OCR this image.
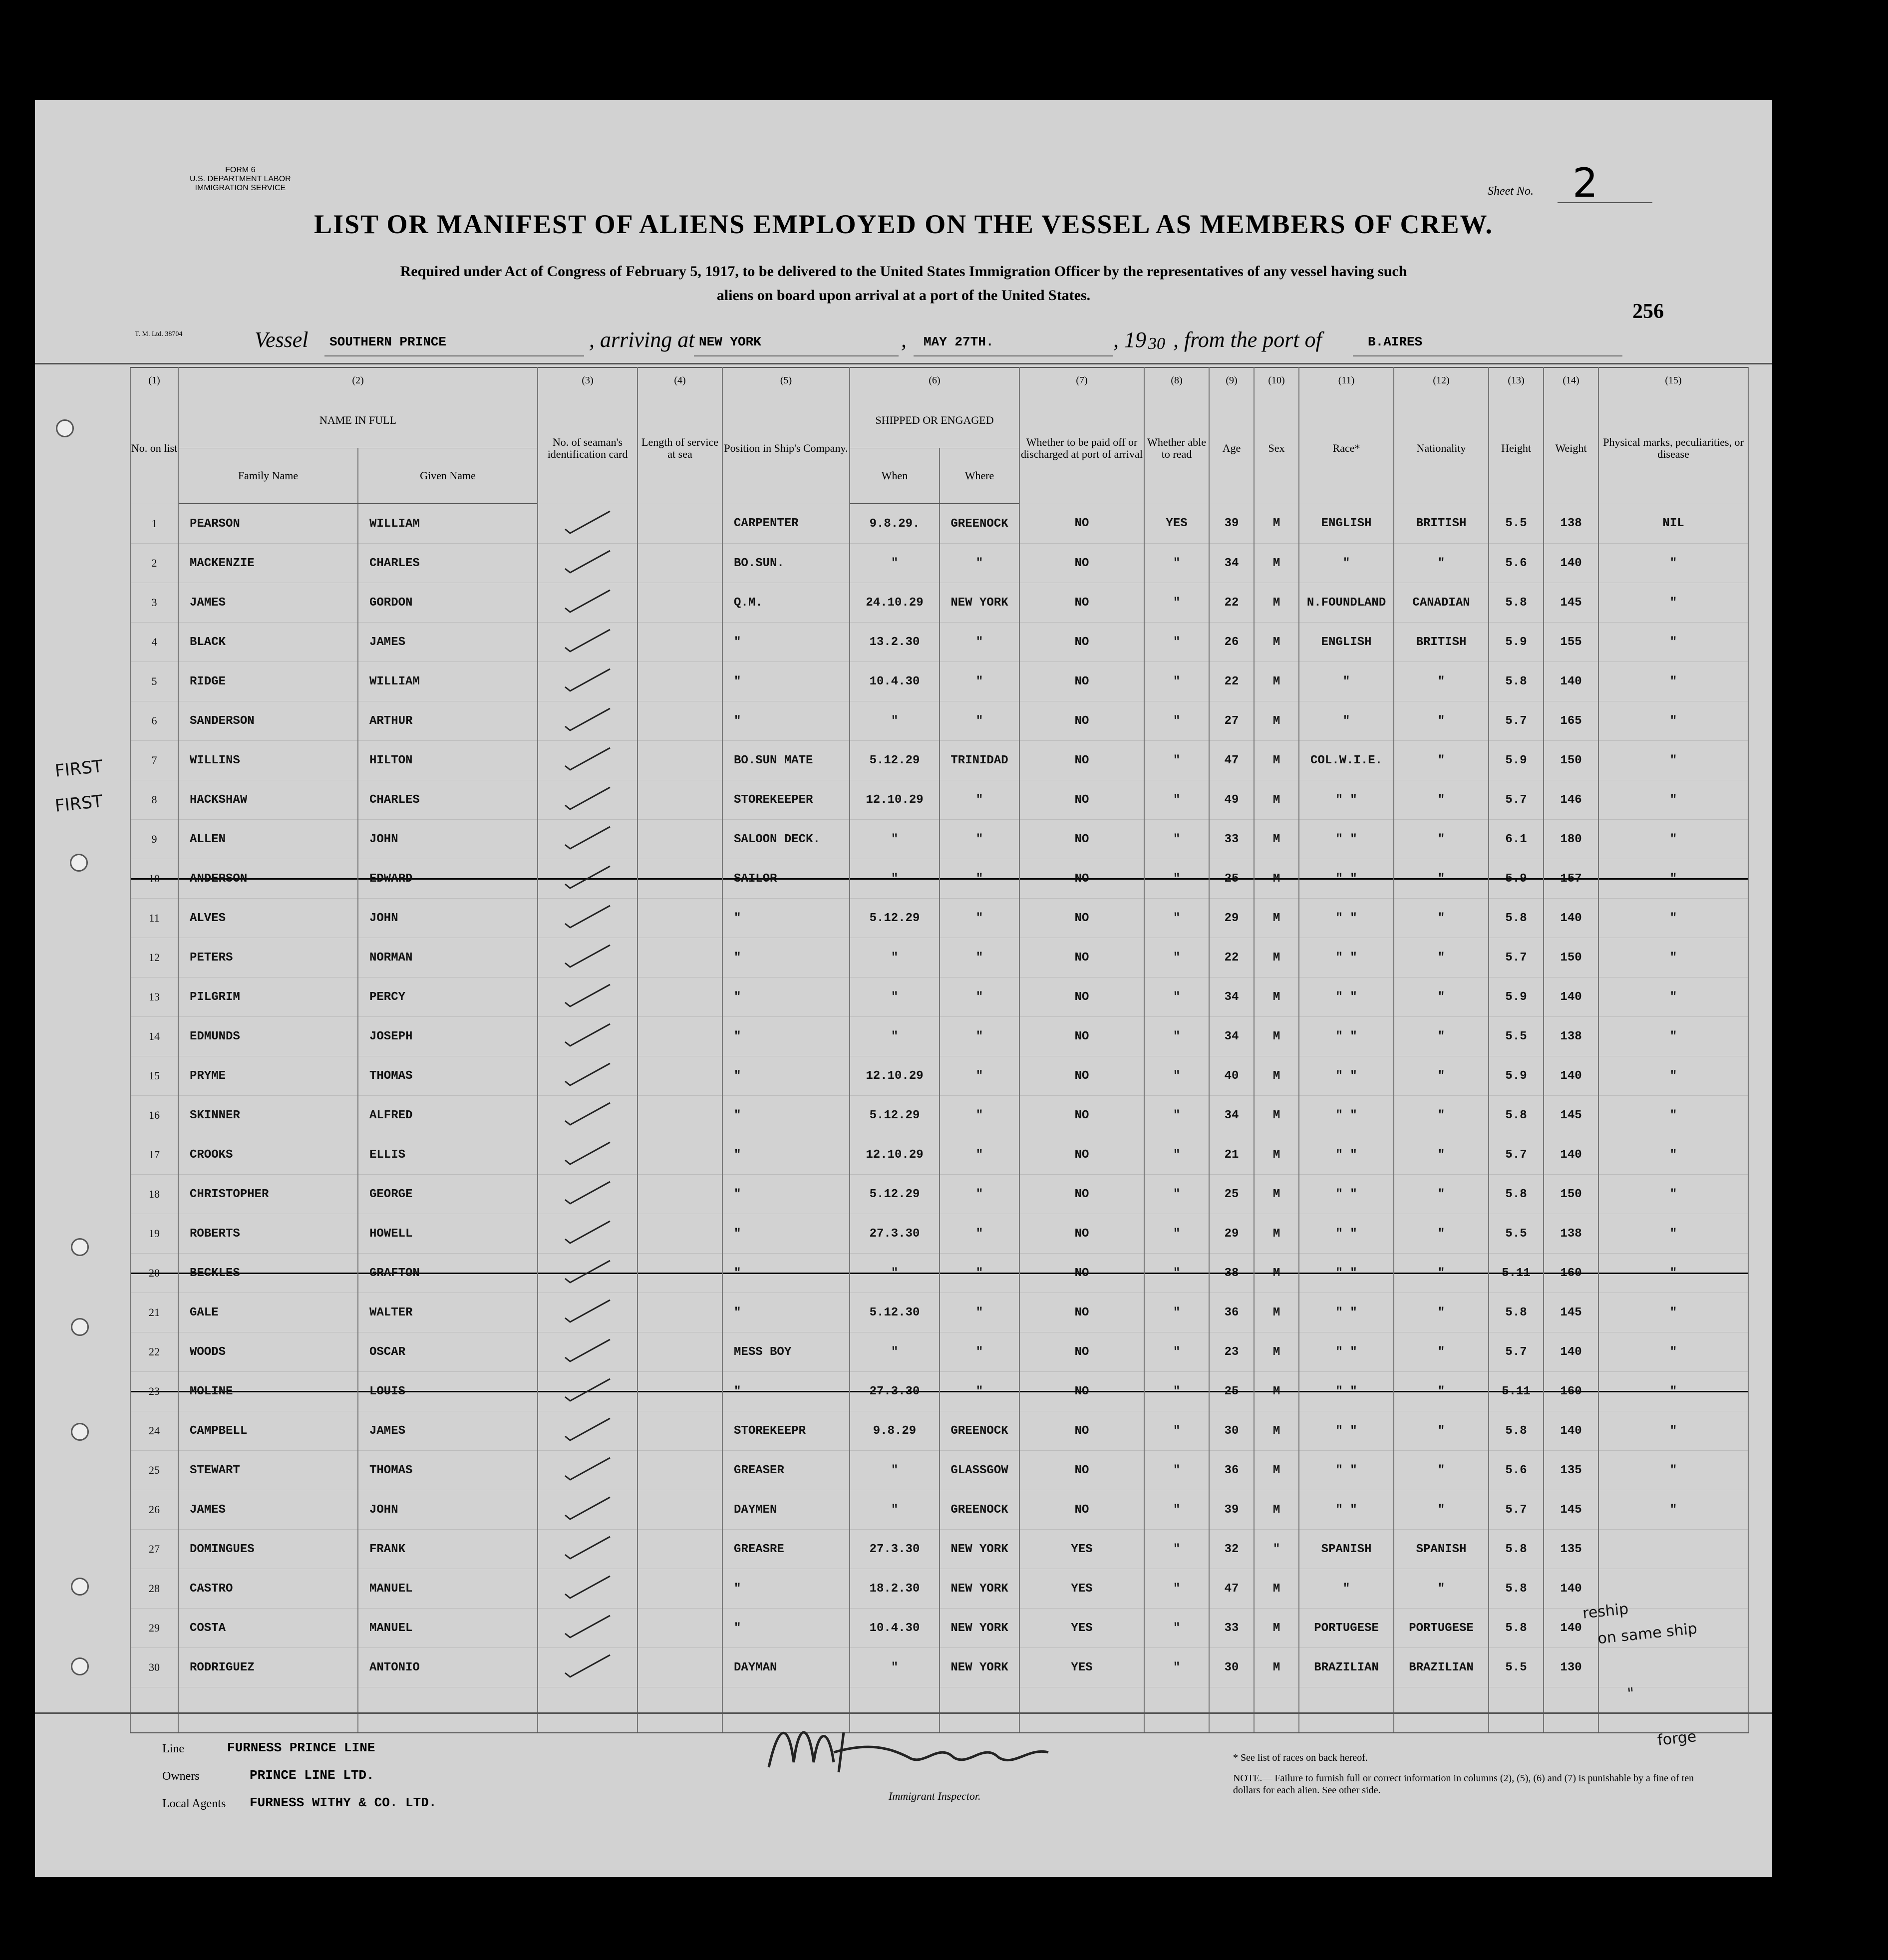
FORM 6
U.S. DEPARTMENT LABOR
IMMIGRATION SERVICE	Sheet No. 2
LIST OR MANIFEST OF ALIENS EMPLOYED ON THE VESSEL AS MEMBERS OF CREW.
Required under Act of Congress of February 5, 1917, to be delivered to the United States Immigration Officer by the representatives of any vessel having such
aliens on board upon arrival at a port of the United States.
256
T. M. Ltd. 38704	Vessel SOUTHERN PRINCE	, arriving at NEW YORK	, MAY 27TH.	, 19 30 , from the port of	B.AIRES
(1)	(2)		(3)	(4)	(5)	(6)		(7)	(8)	(9)	(10)	(11)	(12)	(13)	(14)	(15)
No. on list	NAME IN FULL		No. of seaman's identification card	Length of service at sea	Position in Ship's Company.	SHIPPED OR ENGAGED		Whether to be paid off or discharged at port of arrival	Whether able to read	Age	Sex	Race*	Nationality	Height	Weight	Physical marks, peculiarities, or disease
	Family Name	Given Name				When	Where									
1	PEARSON	WILLIAM			CARPENTER	9.8.29.	GREENOCK	NO	YES	39	M	ENGLISH	BRITISH	5.5	138	NIL
2	MACKENZIE	CHARLES			BO.SUN.	"	"	NO	"	34	M	"	"	5.6	140	"
3	JAMES	GORDON			Q.M.	24.10.29	NEW YORK	NO	"	22	M	N.FOUNDLAND	CANADIAN	5.8	145	"
4	BLACK	JAMES			"	13.2.30	"	NO	"	26	M	ENGLISH	BRITISH	5.9	155	"
5	RIDGE	WILLIAM			"	10.4.30	"	NO	"	22	M	"	"	5.8	140	"
6	SANDERSON	ARTHUR			"	"	"	NO	"	27	M	"	"	5.7	165	"
7	WILLINS	HILTON			BO.SUN MATE	5.12.29	TRINIDAD	NO	"	47	M	COL.W.I.E.	"	5.9	150	"
8	HACKSHAW	CHARLES			STOREKEEPER	12.10.29	"	NO	"	49	M	" "	"	5.7	146	"
9	ALLEN	JOHN			SALOON DECK.	"	"	NO	"	33	M	" "	"	6.1	180	"
10	ANDERSON	EDWARD			SAILOR	"	"	NO	"	25	M	" "	"	5.9	157	"
11	ALVES	JOHN			"	5.12.29	"	NO	"	29	M	" "	"	5.8	140	"
12	PETERS	NORMAN			"	"	"	NO	"	22	M	" "	"	5.7	150	"
13	PILGRIM	PERCY			"	"	"	NO	"	34	M	" "	"	5.9	140	"
14	EDMUNDS	JOSEPH			"	"	"	NO	"	34	M	" "	"	5.5	138	"
15	PRYME	THOMAS			"	12.10.29	"	NO	"	40	M	" "	"	5.9	140	"
16	SKINNER	ALFRED			"	5.12.29	"	NO	"	34	M	" "	"	5.8	145	"
17	CROOKS	ELLIS			"	12.10.29	"	NO	"	21	M	" "	"	5.7	140	"
18	CHRISTOPHER	GEORGE			"	5.12.29	"	NO	"	25	M	" "	"	5.8	150	"
19	ROBERTS	HOWELL			"	27.3.30	"	NO	"	29	M	" "	"	5.5	138	"
20	BECKLES	GRAFTON			"	"	"	NO	"	38	M	" "	"	5.11	160	"
21	GALE	WALTER			"	5.12.30	"	NO	"	36	M	" "	"	5.8	145	"
22	WOODS	OSCAR			MESS BOY	"	"	NO	"	23	M	" "	"	5.7	140	"
23	MOLINE	LOUIS			"	27.3.30	"	NO	"	25	M	" "	"	5.11	160	"
24	CAMPBELL	JAMES			STOREKEEPR	9.8.29	GREENOCK	NO	"	30	M	" "	"	5.8	140	"
25	STEWART	THOMAS			GREASER	"	GLASSGOW	NO	"	36	M	" "	"	5.6	135	"
26	JAMES	JOHN			DAYMEN	"	GREENOCK	NO	"	39	M	" "	"	5.7	145	"
27	DOMINGUES	FRANK			GREASRE	27.3.30	NEW YORK	YES	"	32	"	SPANISH	SPANISH	5.8	135	
28	CASTRO	MANUEL			"	18.2.30	NEW YORK	YES	"	47	M	"	"	5.8	140	
29	COSTA	MANUEL			"	10.4.30	NEW YORK	YES	"	33	M	PORTUGESE	PORTUGESE	5.8	140	
30	RODRIGUEZ	ANTONIO			DAYMAN	"	NEW YORK	YES	"	30	M	BRAZILIAN	BRAZILIAN	5.5	130	

FIRST
FIRST
reship
on same ship
"
forge
Line	FURNESS PRINCE LINE
Owners	PRINCE LINE LTD.
Local Agents FURNESS WITHY & CO. LTD.	Immigrant Inspector.
* See list of races on back hereof.
NOTE.— Failure to furnish full or correct information in columns (2), (5), (6) and (7) is punishable by a fine of ten dollars for each alien. See other side.
